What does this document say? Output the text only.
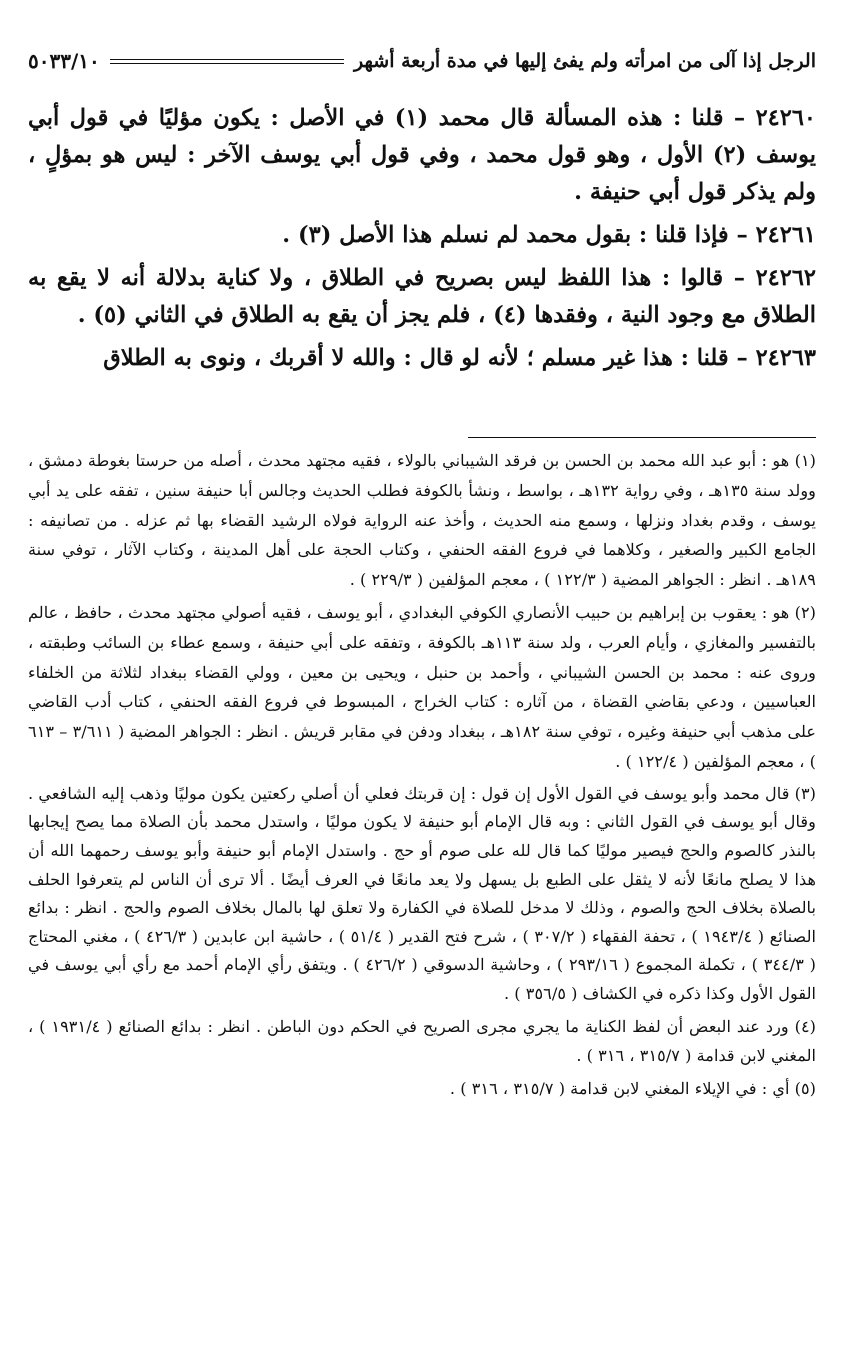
الرجل إذا آلى من امرأته ولم يفئ إليها في مدة أربعة أشهر
٥٠٣٣/١٠

٢٤٢٦٠ – قلنا : هذه المسألة قال محمد (١) في الأصل : يكون مؤليًا في قول أبي يوسف (٢) الأول ، وهو قول محمد ، وفي قول أبي يوسف الآخر : ليس هو بمؤلٍ ، ولم يذكر قول أبي حنيفة .

٢٤٢٦١ – فإذا قلنا : بقول محمد لم نسلم هذا الأصل (٣) .

٢٤٢٦٢ – قالوا : هذا اللفظ ليس بصريح في الطلاق ، ولا كناية بدلالة أنه لا يقع به الطلاق مع وجود النية ، وفقدها (٤) ، فلم يجز أن يقع به الطلاق في الثاني (٥) .

٢٤٢٦٣ – قلنا : هذا غير مسلم ؛ لأنه لو قال : والله لا أقربك ، ونوى به الطلاق

(١) هو : أبو عبد الله محمد بن الحسن بن فرقد الشيباني بالولاء ، فقيه مجتهد محدث ، أصله من حرستا بغوطة دمشق ، وولد سنة ١٣٥هـ ، وفي رواية ١٣٢هـ ، بواسط ، ونشأ بالكوفة فطلب الحديث وجالس أبا حنيفة سنين ، تفقه على يد أبي يوسف ، وقدم بغداد ونزلها ، وسمع منه الحديث ، وأخذ عنه الرواية فولاه الرشيد القضاء بها ثم عزله . من تصانيفه : الجامع الكبير والصغير ، وكلاهما في فروع الفقه الحنفي ، وكتاب الحجة على أهل المدينة ، وكتاب الآثار ، توفي سنة ١٨٩هـ . انظر : الجواهر المضية ( ١٢٢/٣ ) ، معجم المؤلفين ( ٢٢٩/٣ ) .

(٢) هو : يعقوب بن إبراهيم بن حبيب الأنصاري الكوفي البغدادي ، أبو يوسف ، فقيه أصولي مجتهد محدث ، حافظ ، عالم بالتفسير والمغازي ، وأيام العرب ، ولد سنة ١١٣هـ بالكوفة ، وتفقه على أبي حنيفة ، وسمع عطاء بن السائب وطبقته ، وروى عنه : محمد بن الحسن الشيباني ، وأحمد بن حنبل ، ويحيى بن معين ، وولي القضاء ببغداد لثلاثة من الخلفاء العباسيين ، ودعي بقاضي القضاة ، من آثاره : كتاب الخراج ، المبسوط في فروع الفقه الحنفي ، كتاب أدب القاضي على مذهب أبي حنيفة وغيره ، توفي سنة ١٨٢هـ ، ببغداد ودفن في مقابر قريش . انظر : الجواهر المضية ( ٣/٦١١ – ٦١٣ ) ، معجم المؤلفين ( ١٢٢/٤ ) .

(٣) قال محمد وأبو يوسف في القول الأول إن قول : إن قربتك فعلي أن أصلي ركعتين يكون موليًا وذهب إليه الشافعي . وقال أبو يوسف في القول الثاني : وبه قال الإمام أبو حنيفة لا يكون موليًا ، واستدل محمد بأن الصلاة مما يصح إيجابها بالنذر كالصوم والحج فيصير موليًا كما قال لله على صوم أو حج . واستدل الإمام أبو حنيفة وأبو يوسف رحمهما الله أن هذا لا يصلح مانعًا لأنه لا يثقل على الطبع بل يسهل ولا يعد مانعًا في العرف أيضًا . ألا ترى أن الناس لم يتعرفوا الحلف بالصلاة بخلاف الحج والصوم ، وذلك لا مدخل للصلاة في الكفارة ولا تعلق لها بالمال بخلاف الصوم والحج . انظر : بدائع الصنائع ( ١٩٤٣/٤ ) ، تحفة الفقهاء ( ٣٠٧/٢ ) ، شرح فتح القدير ( ٥١/٤ ) ، حاشية ابن عابدين ( ٤٢٦/٣ ) ، مغني المحتاج ( ٣٤٤/٣ ) ، تكملة المجموع ( ٢٩٣/١٦ ) ، وحاشية الدسوقي ( ٤٢٦/٢ ) . ويتفق رأي الإمام أحمد مع رأي أبي يوسف في القول الأول وكذا ذكره في الكشاف ( ٣٥٦/٥ ) .

(٤) ورد عند البعض أن لفظ الكناية ما يجري مجرى الصريح في الحكم دون الباطن . انظر : بدائع الصنائع ( ١٩٣١/٤ ) ، المغني لابن قدامة ( ٣١٥/٧ ، ٣١٦ ) .

(٥) أي : في الإيلاء المغني لابن قدامة ( ٣١٥/٧ ، ٣١٦ ) .
